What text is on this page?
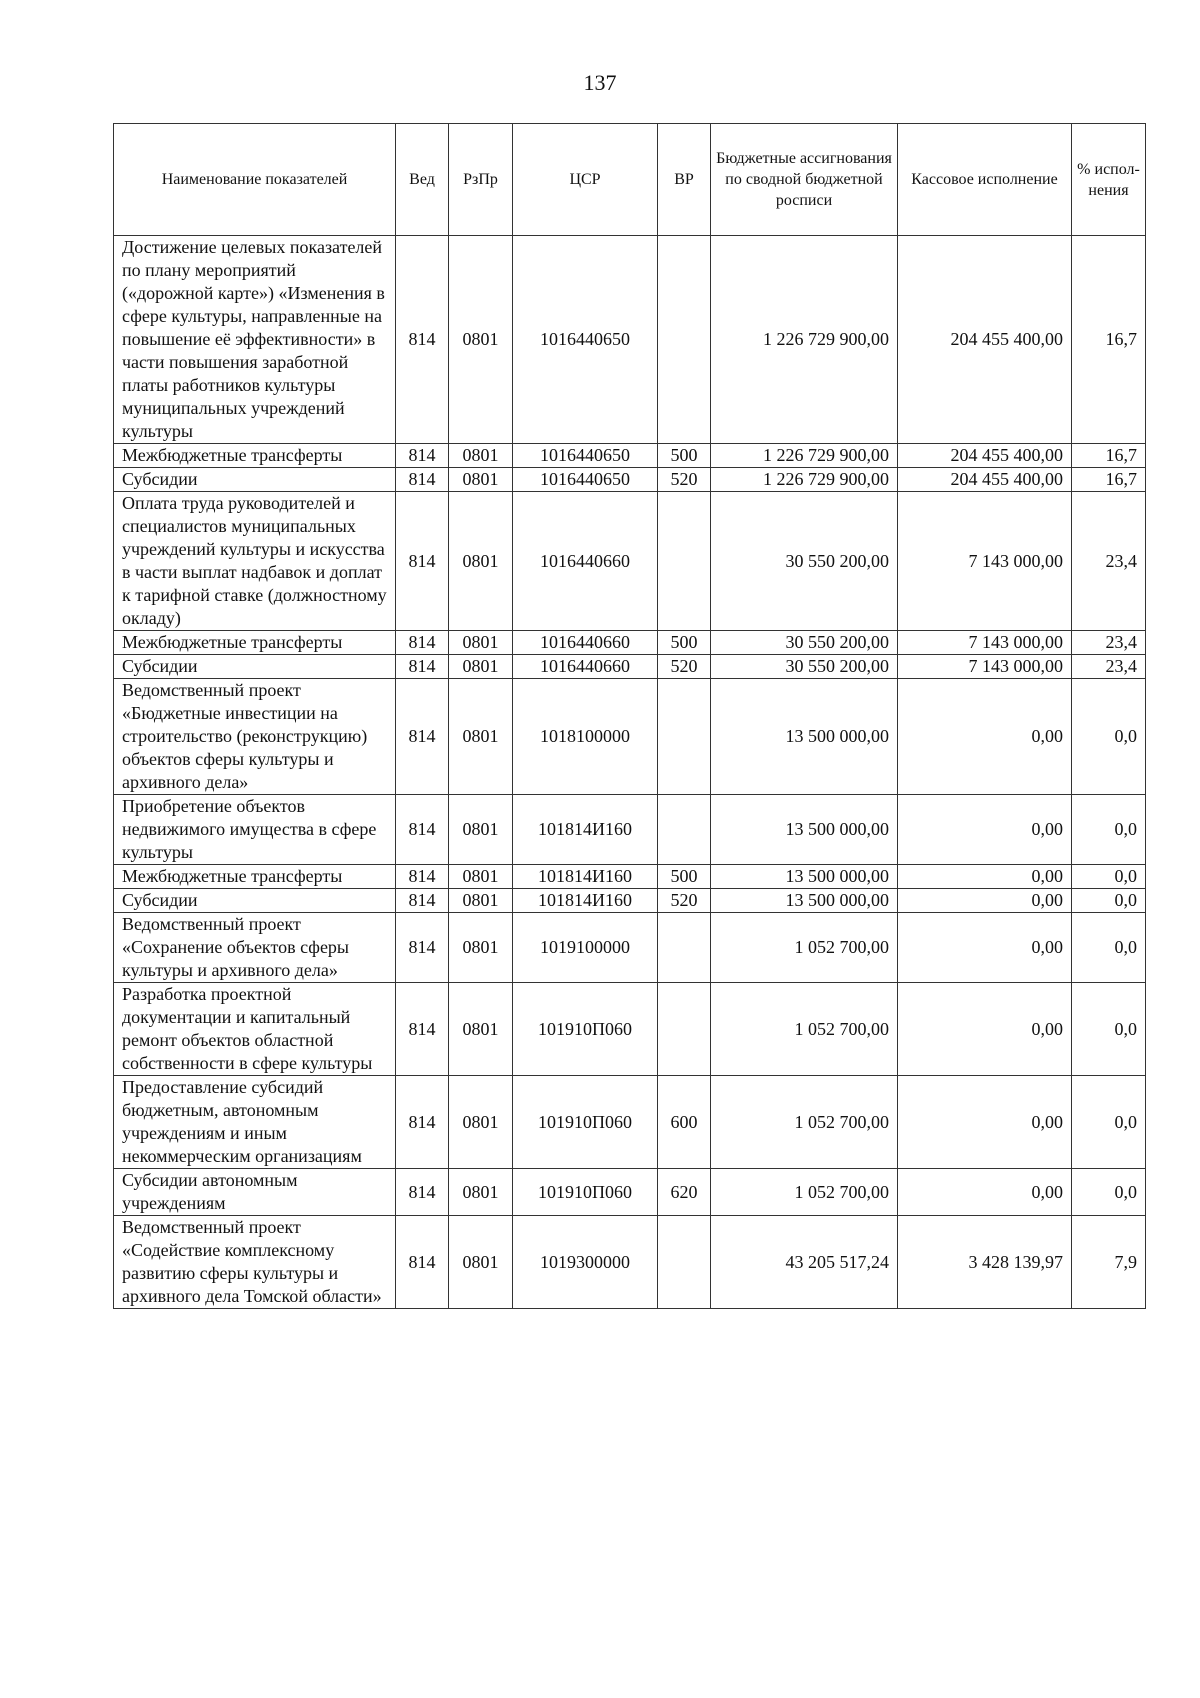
137
Наименование показателей	Вед	РзПр	ЦСР	ВР	Бюджетные ассигнования по сводной бюджетной росписи	Кассовое исполнение	% испол-нения
Достижение целевых показателей по плану мероприятий («дорожной карте») «Изменения в сфере культуры, направленные на повышение её эффективности» в части повышения заработной платы работников культуры муниципальных учреждений культуры	814	0801	1016440650		1 226 729 900,00	204 455 400,00	16,7
Межбюджетные трансферты	814	0801	1016440650	500	1 226 729 900,00	204 455 400,00	16,7
Субсидии	814	0801	1016440650	520	1 226 729 900,00	204 455 400,00	16,7
Оплата труда руководителей и специалистов муниципальных учреждений культуры и искусства в части выплат надбавок и доплат к тарифной ставке (должностному окладу)	814	0801	1016440660		30 550 200,00	7 143 000,00	23,4
Межбюджетные трансферты	814	0801	1016440660	500	30 550 200,00	7 143 000,00	23,4
Субсидии	814	0801	1016440660	520	30 550 200,00	7 143 000,00	23,4
Ведомственный проект «Бюджетные инвестиции на строительство (реконструкцию) объектов сферы культуры и архивного дела»	814	0801	1018100000		13 500 000,00	0,00	0,0
Приобретение объектов недвижимого имущества в сфере культуры	814	0801	101814И160		13 500 000,00	0,00	0,0
Межбюджетные трансферты	814	0801	101814И160	500	13 500 000,00	0,00	0,0
Субсидии	814	0801	101814И160	520	13 500 000,00	0,00	0,0
Ведомственный проект «Сохранение объектов сферы культуры и архивного дела»	814	0801	1019100000		1 052 700,00	0,00	0,0
Разработка проектной документации и капитальный ремонт объектов областной собственности в сфере культуры	814	0801	101910П060		1 052 700,00	0,00	0,0
Предоставление субсидий бюджетным, автономным учреждениям и иным некоммерческим организациям	814	0801	101910П060	600	1 052 700,00	0,00	0,0
Субсидии автономным учреждениям	814	0801	101910П060	620	1 052 700,00	0,00	0,0
Ведомственный проект «Содействие комплексному развитию сферы культуры и архивного дела Томской области»	814	0801	1019300000		43 205 517,24	3 428 139,97	7,9
